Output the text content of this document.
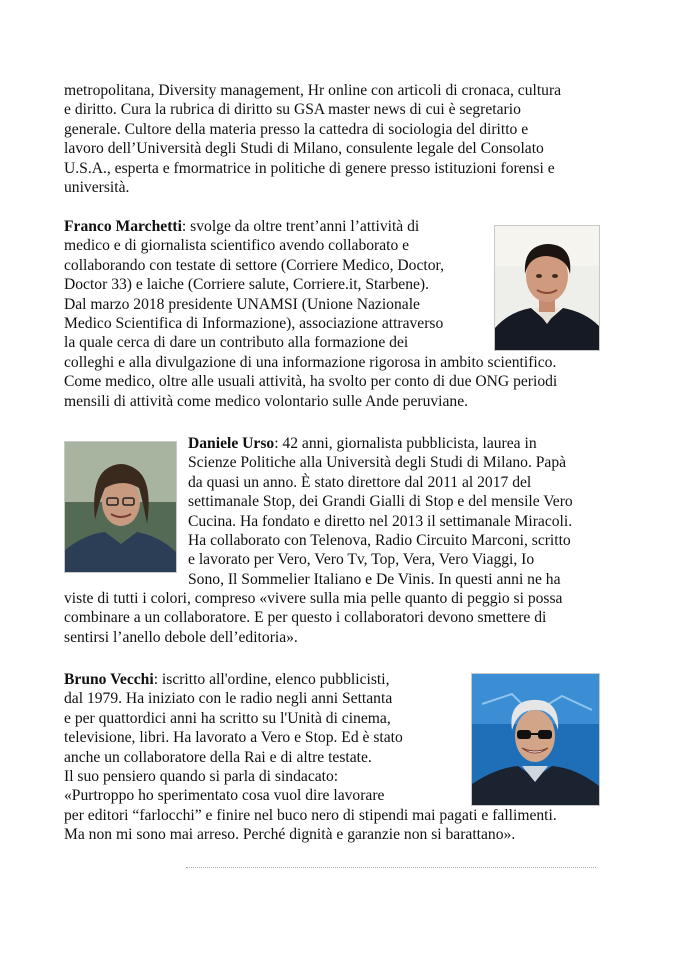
metropolitana, Diversity management, Hr online con articoli di cronaca, cultura
e diritto. Cura la rubrica di diritto su GSA master news di cui è segretario
generale. Cultore della materia presso la cattedra di sociologia del diritto e
lavoro dell’Università degli Studi di Milano, consulente legale del Consolato
U.S.A., esperta e fmormatrice in politiche di genere presso istituzioni forensi e
università.
Franco Marchetti: svolge da oltre trent’anni l’attività di
medico e di giornalista scientifico avendo collaborato e
collaborando con testate di settore (Corriere Medico, Doctor,
Doctor 33) e laiche (Corriere salute, Corriere.it, Starbene).
Dal marzo 2018 presidente UNAMSI (Unione Nazionale
Medico Scientifica di Informazione), associazione attraverso
la quale cerca di dare un contributo alla formazione dei
colleghi e alla divulgazione di una informazione rigorosa in ambito scientifico.
Come medico, oltre alle usuali attività, ha svolto per conto di due ONG periodi
mensili di attività come medico volontario sulle Ande peruviane.
Daniele Urso: 42 anni, giornalista pubblicista, laurea in
Scienze Politiche alla Università degli Studi di Milano. Papà
da quasi un anno. È stato direttore dal 2011 al 2017 del
settimanale Stop, dei Grandi Gialli di Stop e del mensile Vero
Cucina. Ha fondato e diretto nel 2013 il settimanale Miracoli.
Ha collaborato con Telenova, Radio Circuito Marconi, scritto
e lavorato per Vero, Vero Tv, Top, Vera, Vero Viaggi, Io
Sono, Il Sommelier Italiano e De Vinis. In questi anni ne ha
viste di tutti i colori, compreso «vivere sulla mia pelle quanto di peggio si possa
combinare a un collaboratore. E per questo i collaboratori devono smettere di
sentirsi l’anello debole dell’editoria».
Bruno Vecchi: iscritto all'ordine, elenco pubblicisti,
dal 1979. Ha iniziato con le radio negli anni Settanta
e per quattordici anni ha scritto su l'Unità di cinema,
televisione, libri. Ha lavorato a Vero e Stop. Ed è stato
anche un collaboratore della Rai e di altre testate.
Il suo pensiero quando si parla di sindacato:
«Purtroppo ho sperimentato cosa vuol dire lavorare
per editori “farlocchi” e finire nel buco nero di stipendi mai pagati e fallimenti.
Ma non mi sono mai arreso. Perché dignità e garanzie non si barattano».
